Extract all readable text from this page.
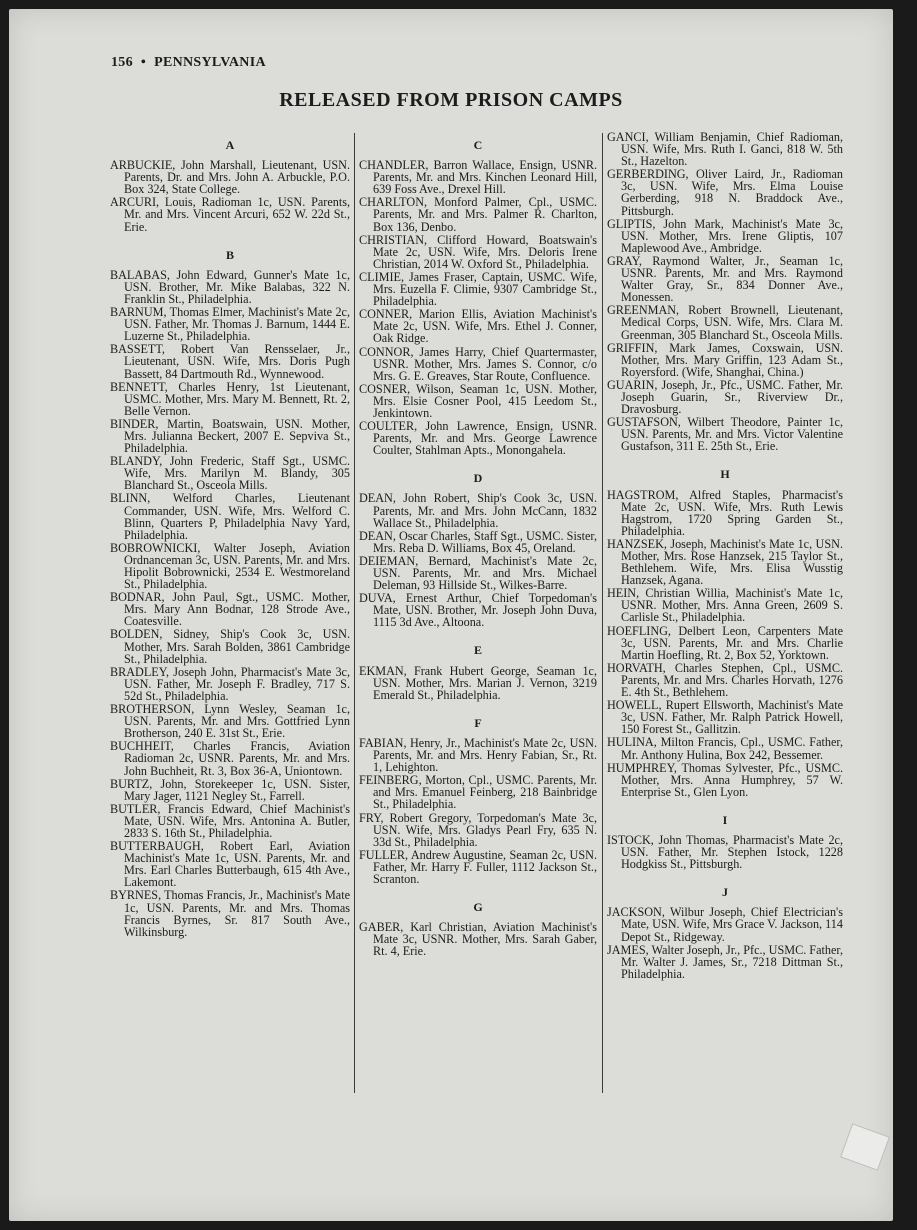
156 • PENNSYLVANIA
RELEASED FROM PRISON CAMPS
A
ARBUCKIE, John Marshall, Lieutenant, USN. Parents, Dr. and Mrs. John A. Arbuckle, P.O. Box 324, State College.
ARCURI, Louis, Radioman 1c, USN. Parents, Mr. and Mrs. Vincent Arcuri, 652 W. 22d St., Erie.
B
BALABAS, John Edward, Gunner's Mate 1c, USN. Brother, Mr. Mike Balabas, 322 N. Franklin St., Philadelphia.
BARNUM, Thomas Elmer, Machinist's Mate 2c, USN. Father, Mr. Thomas J. Barnum, 1444 E. Luzerne St., Philadelphia.
BASSETT, Robert Van Rensselaer, Jr., Lieutenant, USN. Wife, Mrs. Doris Pugh Bassett, 84 Dartmouth Rd., Wynnewood.
BENNETT, Charles Henry, 1st Lieutenant, USMC. Mother, Mrs. Mary M. Bennett, Rt. 2, Belle Vernon.
BINDER, Martin, Boatswain, USN. Mother, Mrs. Julianna Beckert, 2007 E. Sepviva St., Philadelphia.
BLANDY, John Frederic, Staff Sgt., USMC. Wife, Mrs. Marilyn M. Blandy, 305 Blanchard St., Osceola Mills.
BLINN, Welford Charles, Lieutenant Commander, USN. Wife, Mrs. Welford C. Blinn, Quarters P, Philadelphia Navy Yard, Philadelphia.
BOBROWNICKI, Walter Joseph, Aviation Ordnanceman 3c, USN. Parents, Mr. and Mrs. Hipolit Bobrownicki, 2534 E. Westmoreland St., Philadelphia.
BODNAR, John Paul, Sgt., USMC. Mother, Mrs. Mary Ann Bodnar, 128 Strode Ave., Coatesville.
BOLDEN, Sidney, Ship's Cook 3c, USN. Mother, Mrs. Sarah Bolden, 3861 Cambridge St., Philadelphia.
BRADLEY, Joseph John, Pharmacist's Mate 3c, USN. Father, Mr. Joseph F. Bradley, 717 S. 52d St., Philadelphia.
BROTHERSON, Lynn Wesley, Seaman 1c, USN. Parents, Mr. and Mrs. Gottfried Lynn Brotherson, 240 E. 31st St., Erie.
BUCHHEIT, Charles Francis, Aviation Radioman 2c, USNR. Parents, Mr. and Mrs. John Buchheit, Rt. 3, Box 36-A, Uniontown.
BURTZ, John, Storekeeper 1c, USN. Sister, Mary Jager, 1121 Negley St., Farrell.
BUTLER, Francis Edward, Chief Machinist's Mate, USN. Wife, Mrs. Antonina A. Butler, 2833 S. 16th St., Philadelphia.
BUTTERBAUGH, Robert Earl, Aviation Machinist's Mate 1c, USN. Parents, Mr. and Mrs. Earl Charles Butterbaugh, 615 4th Ave., Lakemont.
BYRNES, Thomas Francis, Jr., Machinist's Mate 1c, USN. Parents, Mr. and Mrs. Thomas Francis Byrnes, Sr. 817 South Ave., Wilkinsburg.
C
CHANDLER, Barron Wallace, Ensign, USNR. Parents, Mr. and Mrs. Kinchen Leonard Hill, 639 Foss Ave., Drexel Hill.
CHARLTON, Monford Palmer, Cpl., USMC. Parents, Mr. and Mrs. Palmer R. Charlton, Box 136, Denbo.
CHRISTIAN, Clifford Howard, Boatswain's Mate 2c, USN. Wife, Mrs. Deloris Irene Christian, 2014 W. Oxford St., Philadelphia.
CLIMIE, James Fraser, Captain, USMC. Wife, Mrs. Euzella F. Climie, 9307 Cambridge St., Philadelphia.
CONNER, Marion Ellis, Aviation Machinist's Mate 2c, USN. Wife, Mrs. Ethel J. Conner, Oak Ridge.
CONNOR, James Harry, Chief Quartermaster, USNR. Mother, Mrs. James S. Connor, c/o Mrs. G. E. Greaves, Star Route, Confluence.
COSNER, Wilson, Seaman 1c, USN. Mother, Mrs. Elsie Cosner Pool, 415 Leedom St., Jenkintown.
COULTER, John Lawrence, Ensign, USNR. Parents, Mr. and Mrs. George Lawrence Coulter, Stahlman Apts., Monongahela.
D
DEAN, John Robert, Ship's Cook 3c, USN. Parents, Mr. and Mrs. John McCann, 1832 Wallace St., Philadelphia.
DEAN, Oscar Charles, Staff Sgt., USMC. Sister, Mrs. Reba D. Williams, Box 45, Oreland.
DEIEMAN, Bernard, Machinist's Mate 2c, USN. Parents, Mr. and Mrs. Michael Deleman, 93 Hillside St., Wilkes-Barre.
DUVA, Ernest Arthur, Chief Torpedoman's Mate, USN. Brother, Mr. Joseph John Duva, 1115 3d Ave., Altoona.
E
EKMAN, Frank Hubert George, Seaman 1c, USN. Mother, Mrs. Marian J. Vernon, 3219 Emerald St., Philadelphia.
F
FABIAN, Henry, Jr., Machinist's Mate 2c, USN. Parents, Mr. and Mrs. Henry Fabian, Sr., Rt. 1, Lehighton.
FEINBERG, Morton, Cpl., USMC. Parents, Mr. and Mrs. Emanuel Feinberg, 218 Bainbridge St., Philadelphia.
FRY, Robert Gregory, Torpedoman's Mate 3c, USN. Wife, Mrs. Gladys Pearl Fry, 635 N. 33d St., Philadelphia.
FULLER, Andrew Augustine, Seaman 2c, USN. Father, Mr. Harry F. Fuller, 1112 Jackson St., Scranton.
G
GABER, Karl Christian, Aviation Machinist's Mate 3c, USNR. Mother, Mrs. Sarah Gaber, Rt. 4, Erie.
GANCI, William Benjamin, Chief Radioman, USN. Wife, Mrs. Ruth I. Ganci, 818 W. 5th St., Hazelton.
GERBERDING, Oliver Laird, Jr., Radioman 3c, USN. Wife, Mrs. Elma Louise Gerberding, 918 N. Braddock Ave., Pittsburgh.
GLIPTIS, John Mark, Machinist's Mate 3c, USN. Mother, Mrs. Irene Gliptis, 107 Maplewood Ave., Ambridge.
GRAY, Raymond Walter, Jr., Seaman 1c, USNR. Parents, Mr. and Mrs. Raymond Walter Gray, Sr., 834 Donner Ave., Monessen.
GREENMAN, Robert Brownell, Lieutenant, Medical Corps, USN. Wife, Mrs. Clara M. Greenman, 305 Blanchard St., Osceola Mills.
GRIFFIN, Mark James, Coxswain, USN. Mother, Mrs. Mary Griffin, 123 Adam St., Royersford. (Wife, Shanghai, China.)
GUARIN, Joseph, Jr., Pfc., USMC. Father, Mr. Joseph Guarin, Sr., Riverview Dr., Dravosburg.
GUSTAFSON, Wilbert Theodore, Painter 1c, USN. Parents, Mr. and Mrs. Victor Valentine Gustafson, 311 E. 25th St., Erie.
H
HAGSTROM, Alfred Staples, Pharmacist's Mate 2c, USN. Wife, Mrs. Ruth Lewis Hagstrom, 1720 Spring Garden St., Philadelphia.
HANZSEK, Joseph, Machinist's Mate 1c, USN. Mother, Mrs. Rose Hanzsek, 215 Taylor St., Bethlehem. Wife, Mrs. Elisa Wusstig Hanzsek, Agana.
HEIN, Christian Willia, Machinist's Mate 1c, USNR. Mother, Mrs. Anna Green, 2609 S. Carlisle St., Philadelphia.
HOEFLING, Delbert Leon, Carpenters Mate 3c, USN. Parents, Mr. and Mrs. Charlie Martin Hoefling, Rt. 2, Box 52, Yorktown.
HORVATH, Charles Stephen, Cpl., USMC. Parents, Mr. and Mrs. Charles Horvath, 1276 E. 4th St., Bethlehem.
HOWELL, Rupert Ellsworth, Machinist's Mate 3c, USN. Father, Mr. Ralph Patrick Howell, 150 Forest St., Gallitzin.
HULINA, Milton Francis, Cpl., USMC. Father, Mr. Anthony Hulina, Box 242, Bessemer.
HUMPHREY, Thomas Sylvester, Pfc., USMC. Mother, Mrs. Anna Humphrey, 57 W. Enterprise St., Glen Lyon.
I
ISTOCK, John Thomas, Pharmacist's Mate 2c, USN. Father, Mr. Stephen Istock, 1228 Hodgkiss St., Pittsburgh.
J
JACKSON, Wilbur Joseph, Chief Electrician's Mate, USN. Wife, Mrs Grace V. Jackson, 114 Depot St., Ridgeway.
JAMES, Walter Joseph, Jr., Pfc., USMC. Father, Mr. Walter J. James, Sr., 7218 Dittman St., Philadelphia.
